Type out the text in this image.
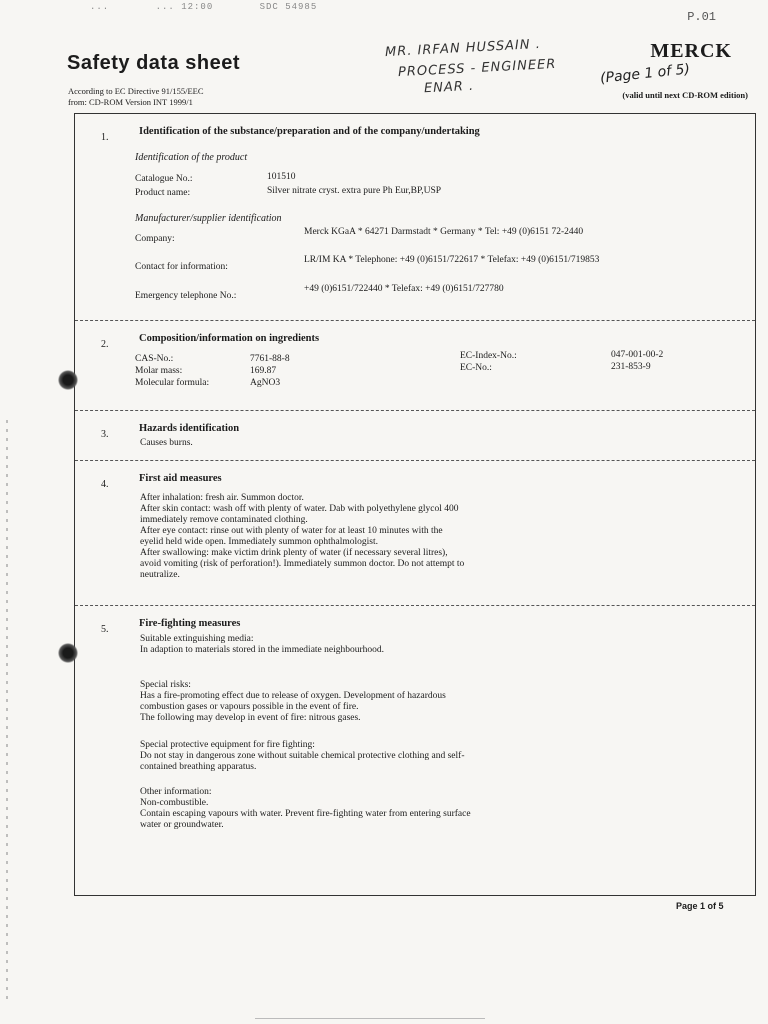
...	... 12:00	SDC 54985
P.01
Safety data sheet
According to EC Directive 91/155/EEC
from: CD-ROM Version INT 1999/1
MR. IRFAN HUSSAIN .
PROCESS - ENGINEER
ENAR .
(Page 1 of 5)
MERCK
(valid until next CD-ROM edition)
1.
Identification of the substance/preparation and of the company/undertaking
Identification of the product
Catalogue No.:	101510
Product name:	Silver nitrate cryst. extra pure Ph Eur,BP,USP
Manufacturer/supplier identification
Company:
Merck KGaA * 64271 Darmstadt * Germany * Tel: +49 (0)6151 72-2440
Contact for information:
LR/IM KA * Telephone: +49 (0)6151/722617 * Telefax: +49 (0)6151/719853
Emergency telephone No.:
+49 (0)6151/722440 * Telefax: +49 (0)6151/727780
2.
Composition/information on ingredients
CAS-No.:	7761-88-8
Molar mass:	169.87
Molecular formula:	AgNO3
EC-Index-No.:	047-001-00-2
EC-No.:	231-853-9
3.
Hazards identification
Causes burns.
4.
First aid measures
After inhalation: fresh air. Summon doctor.
After skin contact: wash off with plenty of water. Dab with polyethylene glycol 400
immediately remove contaminated clothing.
After eye contact: rinse out with plenty of water for at least 10 minutes with the
eyelid held wide open. Immediately summon ophthalmologist.
After swallowing: make victim drink plenty of water (if necessary several litres),
avoid vomiting (risk of perforation!). Immediately summon doctor. Do not attempt to
neutralize.
5.
Fire-fighting measures
Suitable extinguishing media:
In adaption to materials stored in the immediate neighbourhood.
Special risks:
Has a fire-promoting effect due to release of oxygen. Development of hazardous
combustion gases or vapours possible in the event of fire.
The following may develop in event of fire: nitrous gases.
Special protective equipment for fire fighting:
Do not stay in dangerous zone without suitable chemical protective clothing and self-
contained breathing apparatus.
Other information:
Non-combustible.
Contain escaping vapours with water. Prevent fire-fighting water from entering surface
water or groundwater.
Page 1 of 5
